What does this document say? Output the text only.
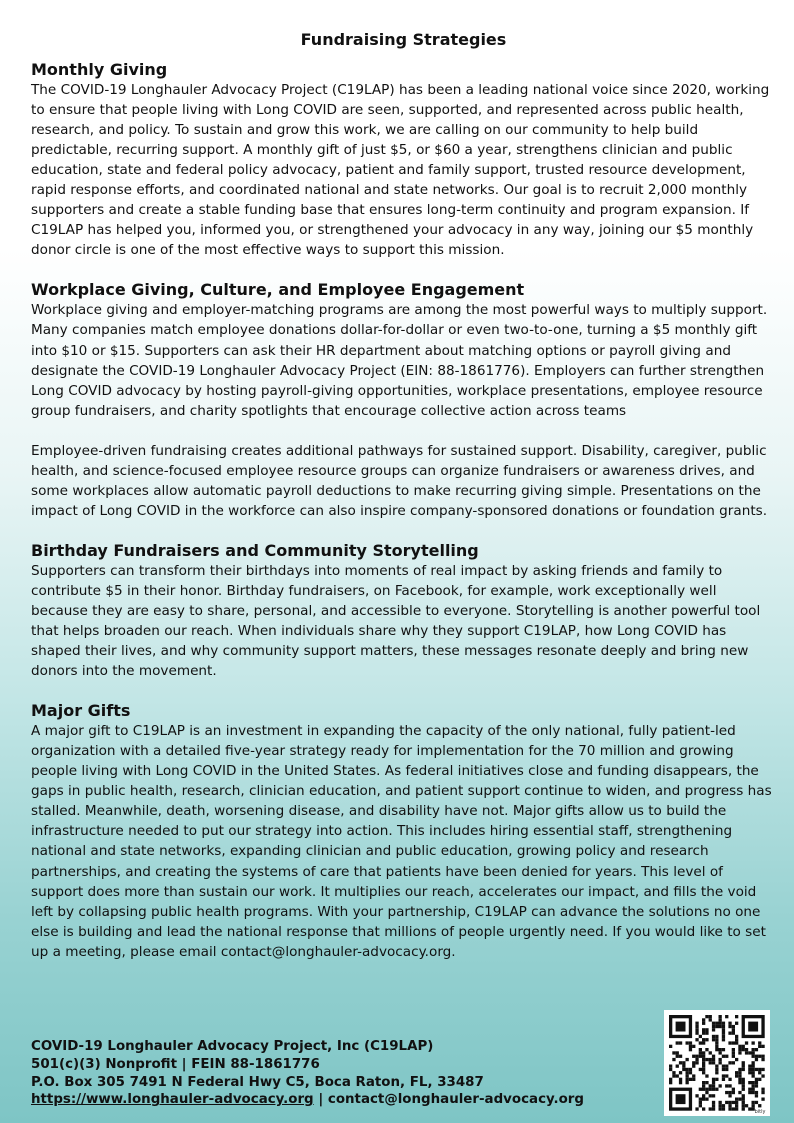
Fundraising Strategies
Monthly Giving

The COVID-19 Longhauler Advocacy Project (C19LAP) has been a leading national voice since 2020, working to ensure that people living with Long COVID are seen, supported, and represented across public health, research, and policy. To sustain and grow this work, we are calling on our community to help build predictable, recurring support. A monthly gift of just $5, or $60 a year, strengthens clinician and public education, state and federal policy advocacy, patient and family support, trusted resource development, rapid response efforts, and coordinated national and state networks. Our goal is to recruit 2,000 monthly supporters and create a stable funding base that ensures long-term continuity and program expansion. If C19LAP has helped you, informed you, or strengthened your advocacy in any way, joining our $5 monthly donor circle is one of the most effective ways to support this mission.

Workplace Giving, Culture, and Employee Engagement

Workplace giving and employer-matching programs are among the most powerful ways to multiply support. Many companies match employee donations dollar-for-dollar or even two-to-one, turning a $5 monthly gift into $10 or $15. Supporters can ask their HR department about matching options or payroll giving and designate the COVID-19 Longhauler Advocacy Project (EIN: 88-1861776). Employers can further strengthen Long COVID advocacy by hosting payroll-giving opportunities, workplace presentations, employee resource group fundraisers, and charity spotlights that encourage collective action across teams

Employee-driven fundraising creates additional pathways for sustained support. Disability, caregiver, public health, and science-focused employee resource groups can organize fundraisers or awareness drives, and some workplaces allow automatic payroll deductions to make recurring giving simple. Presentations on the impact of Long COVID in the workforce can also inspire company-sponsored donations or foundation grants.

Birthday Fundraisers and Community Storytelling

Supporters can transform their birthdays into moments of real impact by asking friends and family to contribute $5 in their honor. Birthday fundraisers, on Facebook, for example, work exceptionally well because they are easy to share, personal, and accessible to everyone. Storytelling is another powerful tool that helps broaden our reach. When individuals share why they support C19LAP, how Long COVID has shaped their lives, and why community support matters, these messages resonate deeply and bring new donors into the movement.

Major Gifts

A major gift to C19LAP is an investment in expanding the capacity of the only national, fully patient-led organization with a detailed five-year strategy ready for implementation for the 70 million and growing people living with Long COVID in the United States. As federal initiatives close and funding disappears, the gaps in public health, research, clinician education, and patient support continue to widen, and progress has stalled. Meanwhile, death, worsening disease, and disability have not. Major gifts allow us to build the infrastructure needed to put our strategy into action. This includes hiring essential staff, strengthening national and state networks, expanding clinician and public education, growing policy and research partnerships, and creating the systems of care that patients have been denied for years. This level of support does more than sustain our work. It multiplies our reach, accelerates our impact, and fills the void left by collapsing public health programs. With your partnership, C19LAP can advance the solutions no one else is building and lead the national response that millions of people urgently need. If you would like to set up a meeting, please email contact@longhauler-advocacy.org.

COVID-19 Longhauler Advocacy Project, Inc (C19LAP)
501(c)(3) Nonprofit | FEIN 88-1861776
P.O. Box 305 7491 N Federal Hwy C5, Boca Raton, FL, 33487
https://www.longhauler-advocacy.org | contact@longhauler-advocacy.org
bitly
